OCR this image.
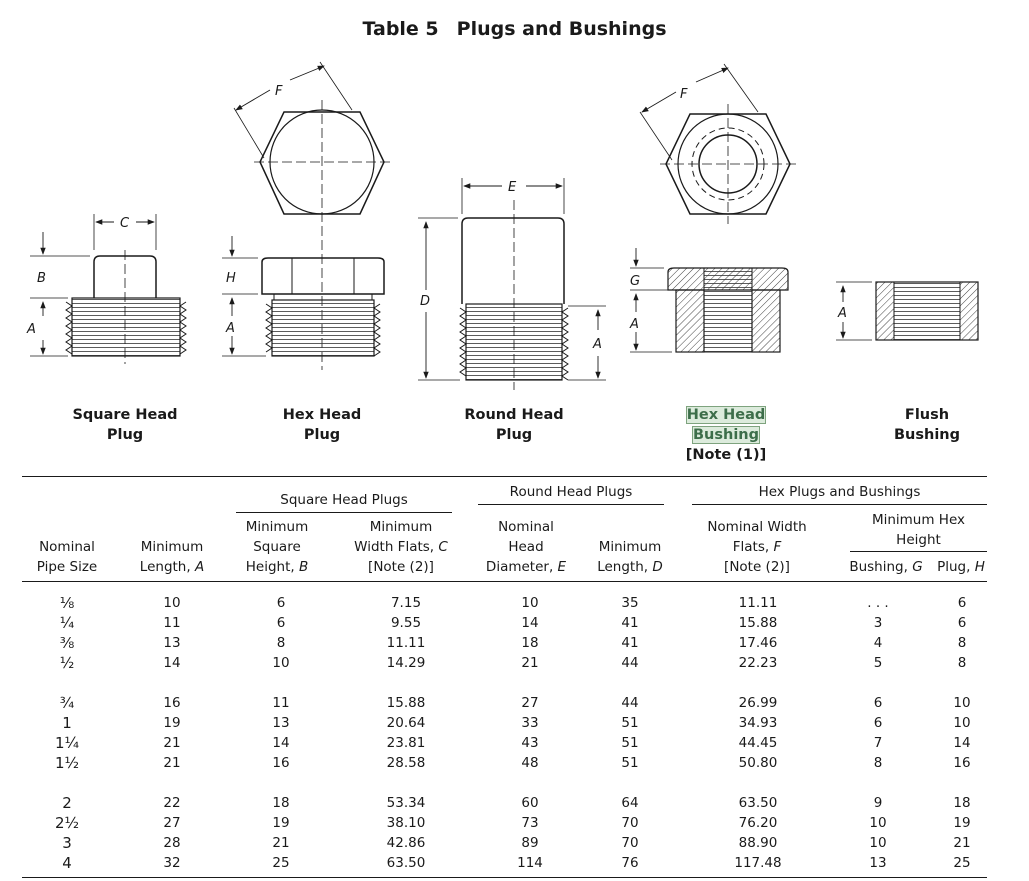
Table 5 Plugs and Bushings
C
B
A
F
H
A
E
D
A
F
G
A
A
Square Head
Plug
Hex Head
Plug
Round Head
Plug
Hex Head
Bushing
[Note (1)]
Flush
Bushing
Square Head Plugs	Round Head Plugs	Hex Plugs and Bushings
Minimum Hex
Height
Nominal
Pipe Size
Minimum
Length, A
Minimum
Square
Height, B
Minimum
Width Flats, C
[Note (2)]
Nominal
Head
Diameter, E
Minimum
Length, D
Nominal Width
Flats, F
[Note (2)]	Bushing, G	Plug, H
⅛	10	6	7.15	10	35	11.11	. . .	6
¼	11	6	9.55	14	41	15.88	3	6
⅜	13	8	11.11	18	41	17.46	4	8
½	14	10	14.29	21	44	22.23	5	8
¾	16	11	15.88	27	44	26.99	6	10
1	19	13	20.64	33	51	34.93	6	10
1¼	21	14	23.81	43	51	44.45	7	14
1½	21	16	28.58	48	51	50.80	8	16
2	22	18	53.34	60	64	63.50	9	18
2½	27	19	38.10	73	70	76.20	10	19
3	28	21	42.86	89	70	88.90	10	21
4	32	25	63.50	114	76	117.48	13	25
